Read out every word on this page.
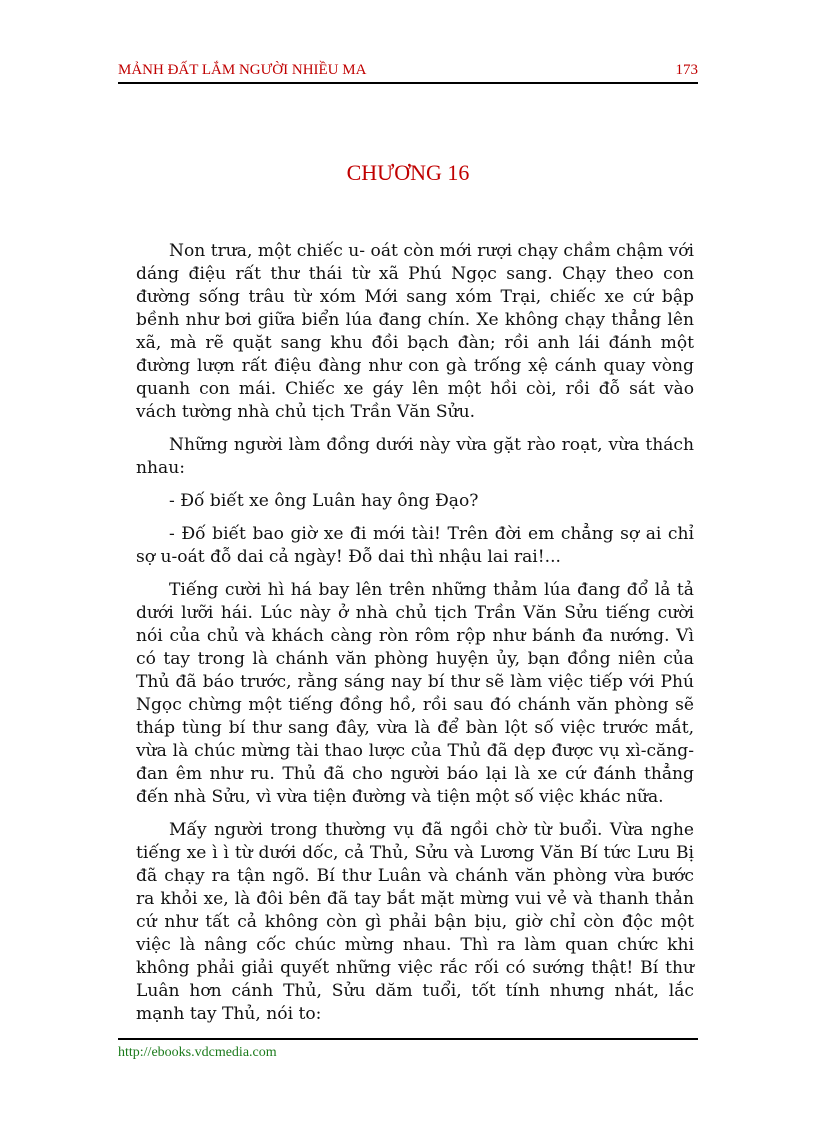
MẢNH ĐẤT LẮM NGƯỜI NHIỀU MA	173
CHƯƠNG 16

Non trưa, một chiếc u- oát còn mới rượi chạy chầm chậm với dáng điệu rất thư thái từ xã Phú Ngọc sang. Chạy theo con đường sống trâu từ xóm Mới sang xóm Trại, chiếc xe cứ bập bềnh như bơi giữa biển lúa đang chín. Xe không chạy thẳng lên xã, mà rẽ quặt sang khu đồi bạch đàn; rồi anh lái đánh một đường lượn rất điệu đàng như con gà trống xệ cánh quay vòng quanh con mái. Chiếc xe gáy lên một hồi còi, rồi đỗ sát vào vách tường nhà chủ tịch Trần Văn Sửu.

Những người làm đồng dưới này vừa gặt rào roạt, vừa thách nhau:

- Đố biết xe ông Luân hay ông Đạo?

- Đố biết bao giờ xe đi mới tài! Trên đời em chẳng sợ ai chỉ sợ u-oát đỗ dai cả ngày! Đỗ dai thì nhậu lai rai!...

Tiếng cười hì há bay lên trên những thảm lúa đang đổ lả tả dưới lưỡi hái. Lúc này ở nhà chủ tịch Trần Văn Sửu tiếng cười nói của chủ và khách càng ròn rôm rộp như bánh đa nướng. Vì có tay trong là chánh văn phòng huyện ủy, bạn đồng niên của Thủ đã báo trước, rằng sáng nay bí thư sẽ làm việc tiếp với Phú Ngọc chừng một tiếng đồng hồ, rồi sau đó chánh văn phòng sẽ tháp tùng bí thư sang đây, vừa là để bàn lột số việc trước mắt, vừa là chúc mừng tài thao lược của Thủ đã dẹp được vụ xì-căng-đan êm như ru. Thủ đã cho người báo lại là xe cứ đánh thẳng đến nhà Sửu, vì vừa tiện đường và tiện một số việc khác nữa.

Mấy người trong thường vụ đã ngồi chờ từ buổi. Vừa nghe tiếng xe ì ì từ dưới dốc, cả Thủ, Sửu và Lương Văn Bí tức Lưu Bị đã chạy ra tận ngõ. Bí thư Luân và chánh văn phòng vừa bước ra khỏi xe, là đôi bên đã tay bắt mặt mừng vui vẻ và thanh thản cứ như tất cả không còn gì phải bận bịu, giờ chỉ còn độc một việc là nâng cốc chúc mừng nhau. Thì ra làm quan chức khi không phải giải quyết những việc rắc rối có sướng thật! Bí thư Luân hơn cánh Thủ, Sửu dăm tuổi, tốt tính nhưng nhát, lắc mạnh tay Thủ, nói to:

http://ebooks.vdcmedia.com
